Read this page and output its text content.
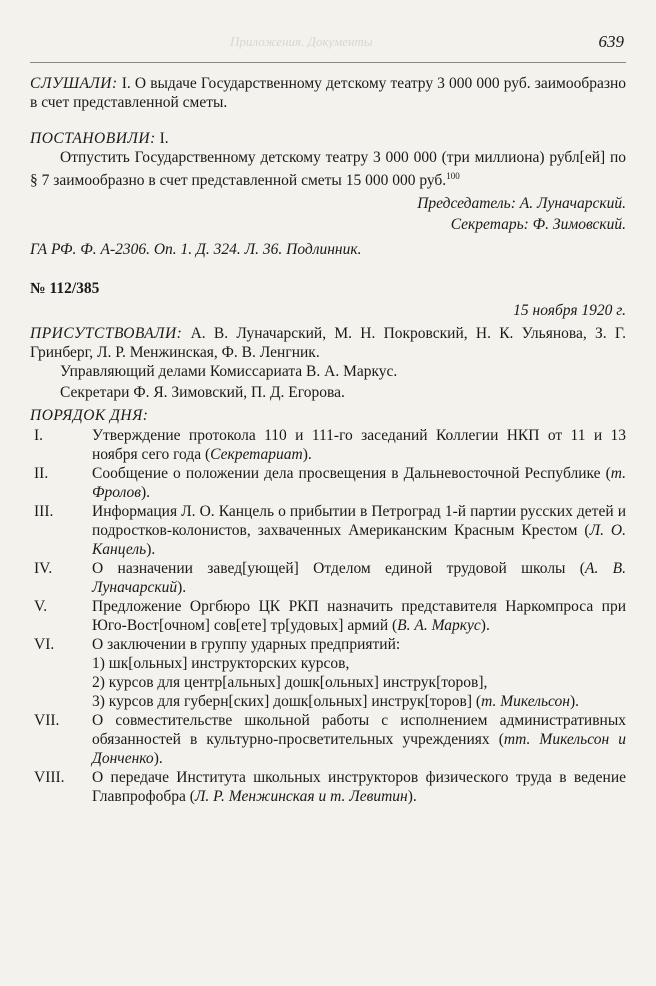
Приложения. Документы	639

СЛУШАЛИ: I. О выдаче Государственному детскому театру 3 000 000 руб. заимообразно в счет представленной сметы.

ПОСТАНОВИЛИ: I.

Отпустить Государственному детскому театру 3 000 000 (три миллиона) рубл[ей] по § 7 заимообразно в счет представленной сметы 15 000 000 руб.$^{100}$

Председатель: А. Луначарский.

Секретарь: Ф. Зимовский.

ГА РФ. Ф. А-2306. Оп. 1. Д. 324. Л. 36. Подлинник.

№ 112/385

15 ноября 1920 г.

ПРИСУТСТВОВАЛИ: А. В. Луначарский, М. Н. Покровский, Н. К. Ульянова, З. Г. Гринберг, Л. Р. Менжинская, Ф. В. Ленгник.

Управляющий делами Комиссариата В. А. Маркус.

Секретари Ф. Я. Зимовский, П. Д. Егорова.

ПОРЯДОК ДНЯ:

I.	Утверждение протокола 110 и 111-го заседаний Коллегии НКП от 11 и 13 ноября сего года (Секретариат).
II.	Сообщение о положении дела просвещения в Дальневосточной Республике (т. Фролов).
III.	Информация Л. О. Канцель о прибытии в Петроград 1-й партии русских детей и подростков-колонистов, захваченных Американским Красным Крестом (Л. О. Канцель).
IV.	О назначении завед[ующей] Отделом единой трудовой школы (А. В. Луначарский).
V.	Предложение Оргбюро ЦК РКП назначить представителя Наркомпроса при Юго-Вост[очном] сов[ете] тр[удовых] армий (В. А. Маркус).
VI.	О заключении в группу ударных предприятий:
1) шк[ольных] инструкторских курсов,
2) курсов для центр[альных] дошк[ольных] инструк[торов],
3) курсов для губерн[ских] дошк[ольных] инструк[торов] (т. Микельсон).
VII.	О совместительстве школьной работы с исполнением административных обязанностей в культурно-просветительных учреждениях (тт. Микельсон и Донченко).
VIII.	О передаче Института школьных инструкторов физического труда в ведение Главпрофобра (Л. Р. Менжинская и т. Левитин).
